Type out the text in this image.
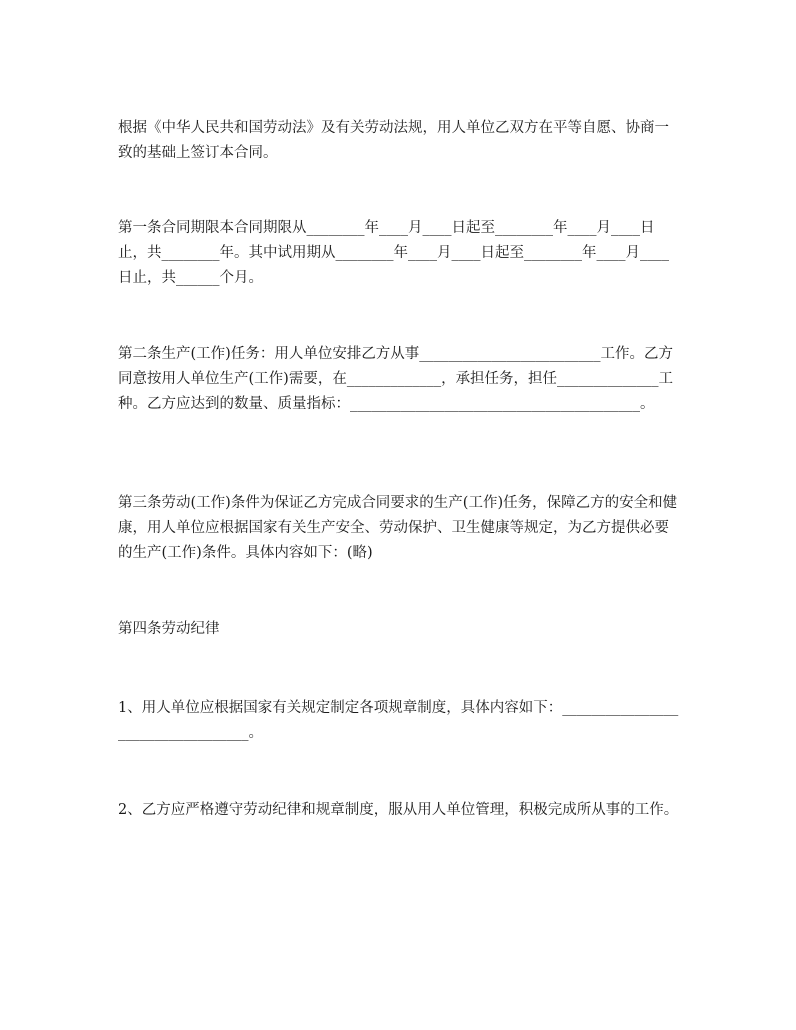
根据《中华人民共和国劳动法》及有关劳动法规，用人单位乙双方在平等自愿、协商一致的基础上签订本合同。

第一条合同期限本合同期限从________年____月____日起至________年____月____日止，共________年。其中试用期从________年____月____日起至________年____月____日止，共______个月。

第二条生产(工作)任务：用人单位安排乙方从事_________________________工作。乙方同意按用人单位生产(工作)需要，在_____________，承担任务，担任______________工种。乙方应达到的数量、质量指标：________________________________________。

第三条劳动(工作)条件为保证乙方完成合同要求的生产(工作)任务，保障乙方的安全和健康，用人单位应根据国家有关生产安全、劳动保护、卫生健康等规定，为乙方提供必要的生产(工作)条件。具体内容如下：(略)

第四条劳动纪律

1、用人单位应根据国家有关规定制定各项规章制度，具体内容如下：__________________________________。

2、乙方应严格遵守劳动纪律和规章制度，服从用人单位管理，积极完成所从事的工作。
